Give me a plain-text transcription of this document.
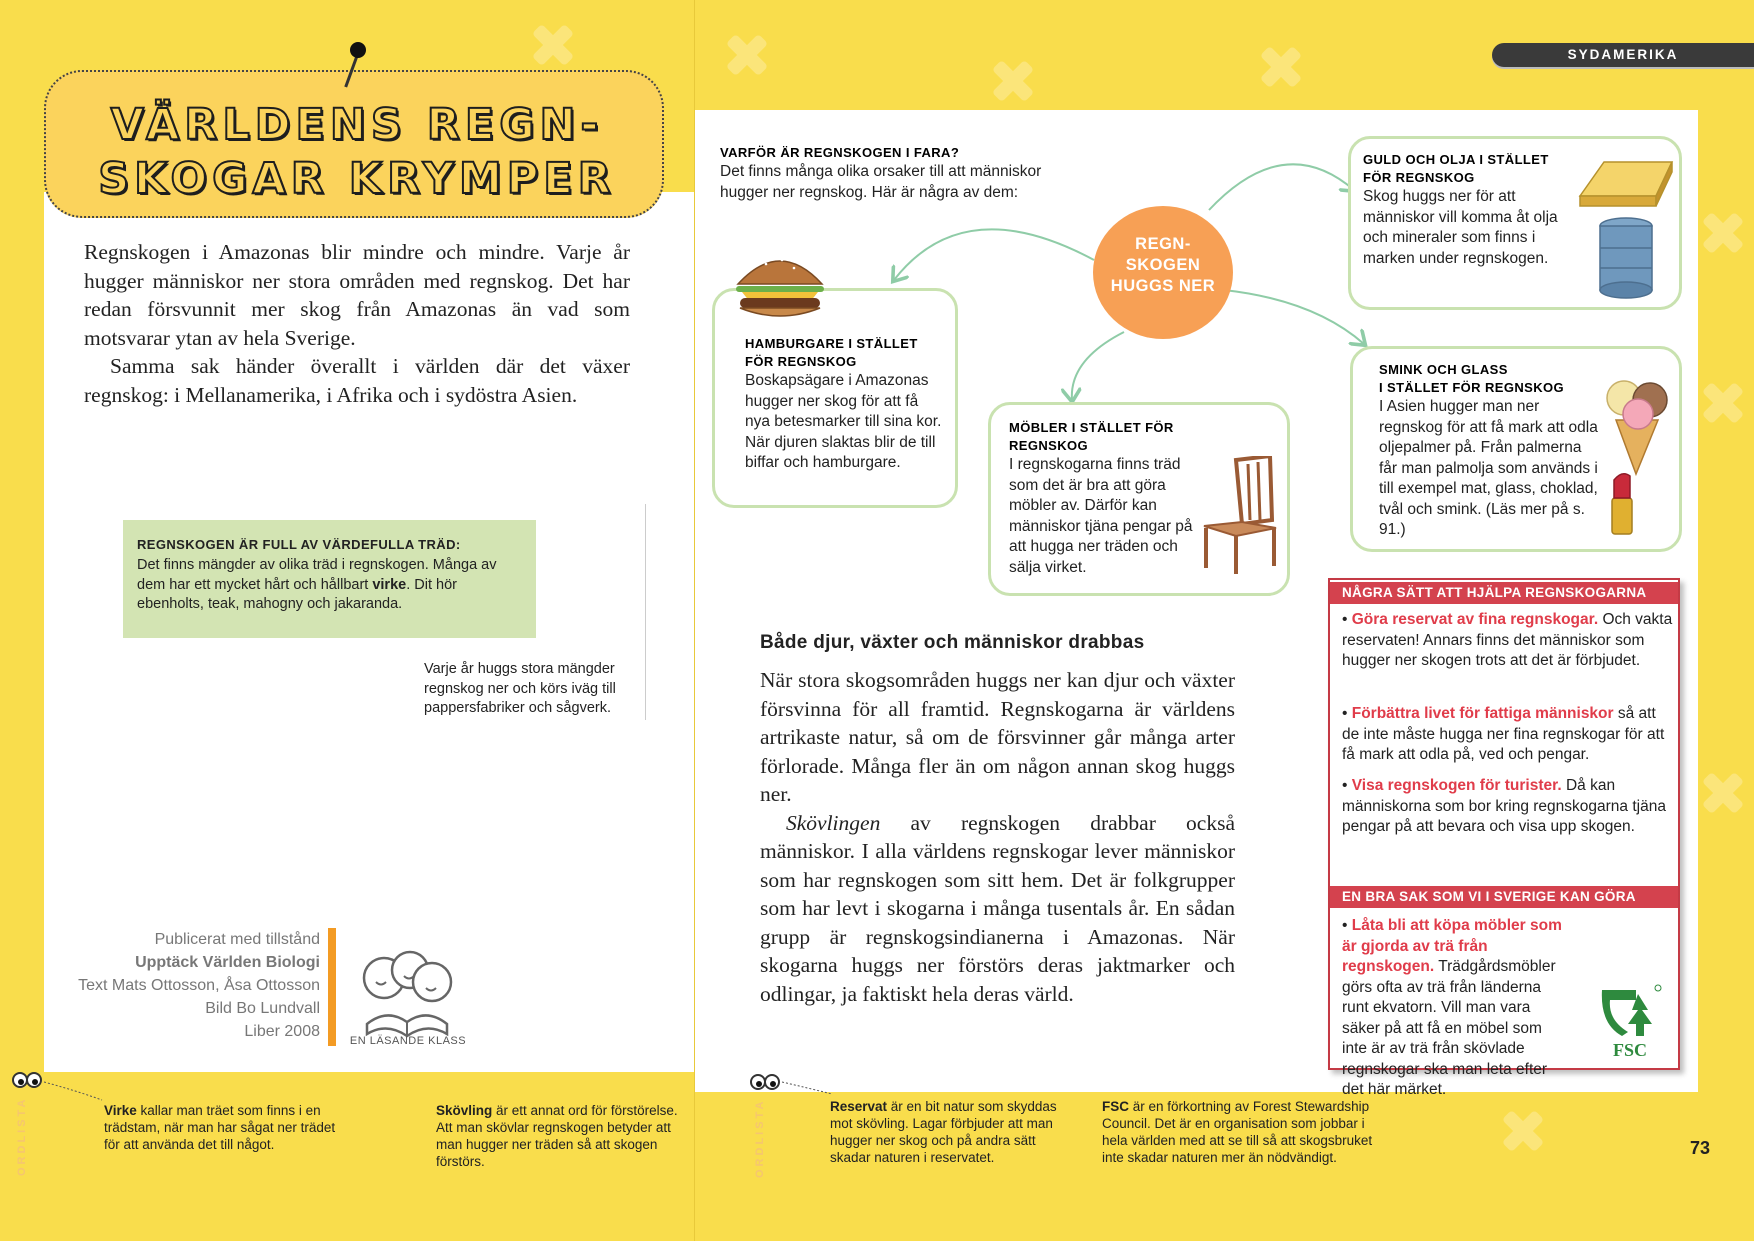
SYDAMERIKA
VÄRLDENS REGN-
SKOGAR KRYMPER

Regnskogen i Amazonas blir mindre och mindre. Varje år hugger människor ner stora områden med regnskog. Det har redan försvunnit mer skog från Amazonas än vad som motsvarar ytan av hela Sverige.

Samma sak händer överallt i världen där det växer regnskog: i Mellanamerika, i Afrika och i sydöstra Asien.

REGNSKOGEN ÄR FULL AV VÄRDEFULLA TRÄD:
Det finns mängder av olika träd i regnskogen. Många av dem har ett mycket hårt och hållbart virke. Dit hör ebenholts, teak, mahogny och jakaranda.
Varje år huggs stora mängder regnskog ner och körs iväg till pappersfabriker och sågverk.
Publicerat med tillstånd
Upptäck Världen Biologi
Text Mats Ottosson, Åsa Ottosson
Bild Bo Lundvall
Liber 2008
EN LÄSANDE KLASS
VARFÖR ÄR REGNSKOGEN I FARA?
Det finns många olika orsaker till att människor hugger ner regnskog. Här är några av dem:
REGN-
SKOGEN
HUGGS NER
HAMBURGARE I STÄLLET
FÖR REGNSKOG
Boskapsägare i Amazonas hugger ner skog för att få nya betesmarker till sina kor. När djuren slaktas blir de till biffar och hamburgare.
GULD OCH OLJA I STÄLLET
FÖR REGNSKOG
Skog huggs ner för att människor vill komma åt olja och mineraler som finns i marken under regnskogen.
MÖBLER I STÄLLET FÖR
REGNSKOG
I regnskogarna finns träd som det är bra att göra möbler av. Därför kan människor tjäna pengar på att hugga ner träden och sälja virket.
SMINK OCH GLASS
I STÄLLET FÖR REGNSKOG
I Asien hugger man ner regnskog för att få mark att odla oljepalmer på. Från palmerna får man palmolja som används i till exempel mat, glass, choklad, tvål och smink. (Läs mer på s. 91.)
Både djur, växter och människor drabbas

När stora skogsområden huggs ner kan djur och växter försvinna för all framtid. Regnskogarna är världens artrikaste natur, så om de försvinner går många arter förlorade. Många fler än om någon annan skog huggs ner.

Skövlingen av regnskogen drabbar också människor. I alla världens regnskogar lever människor som har regnskogen som sitt hem. Det är folkgrupper som har levt i skogarna i många tusentals år. En sådan grupp är regnskogsindianerna i Amazonas. När skogarna huggs ner förstörs deras jaktmarker och odlingar, ja faktiskt hela deras värld.

NÅGRA SÄTT ATT HJÄLPA REGNSKOGARNA
• Göra reservat av fina regnskogar. Och vakta reservaten! Annars finns det människor som hugger ner skogen trots att det är förbjudet.
• Förbättra livet för fattiga människor så att de inte måste hugga ner fina regnskogar för att få mark att odla på, ved och pengar.
• Visa regnskogen för turister. Då kan människorna som bor kring regnskogarna tjäna pengar på att bevara och visa upp skogen.
EN BRA SAK SOM VI I SVERIGE KAN GÖRA
• Låta bli att köpa möbler som är gjorda av trä från regnskogen. Trädgårdsmöbler görs ofta av trä från länderna runt ekvatorn. Vill man vara säker på att få en möbel som inte är av trä från skövlade regnskogar ska man leta efter det här märket.
FSC
ORDLISTA	Virke kallar man träet som finns i en trädstam, när man har sågat ner trädet för att använda det till något.
Skövling är ett annat ord för förstörelse. Att man skövlar regnskogen betyder att man hugger ner träden så att skogen förstörs.	ORDLISTA	Reservat är en bit natur som skyddas mot skövling. Lagar förbjuder att man hugger ner skog och på andra sätt skadar naturen i reservatet.
FSC är en förkortning av Forest Stewardship Council. Det är en organisation som jobbar i hela världen med att se till så att skogsbruket inte skadar naturen mer än nödvändigt.	73
